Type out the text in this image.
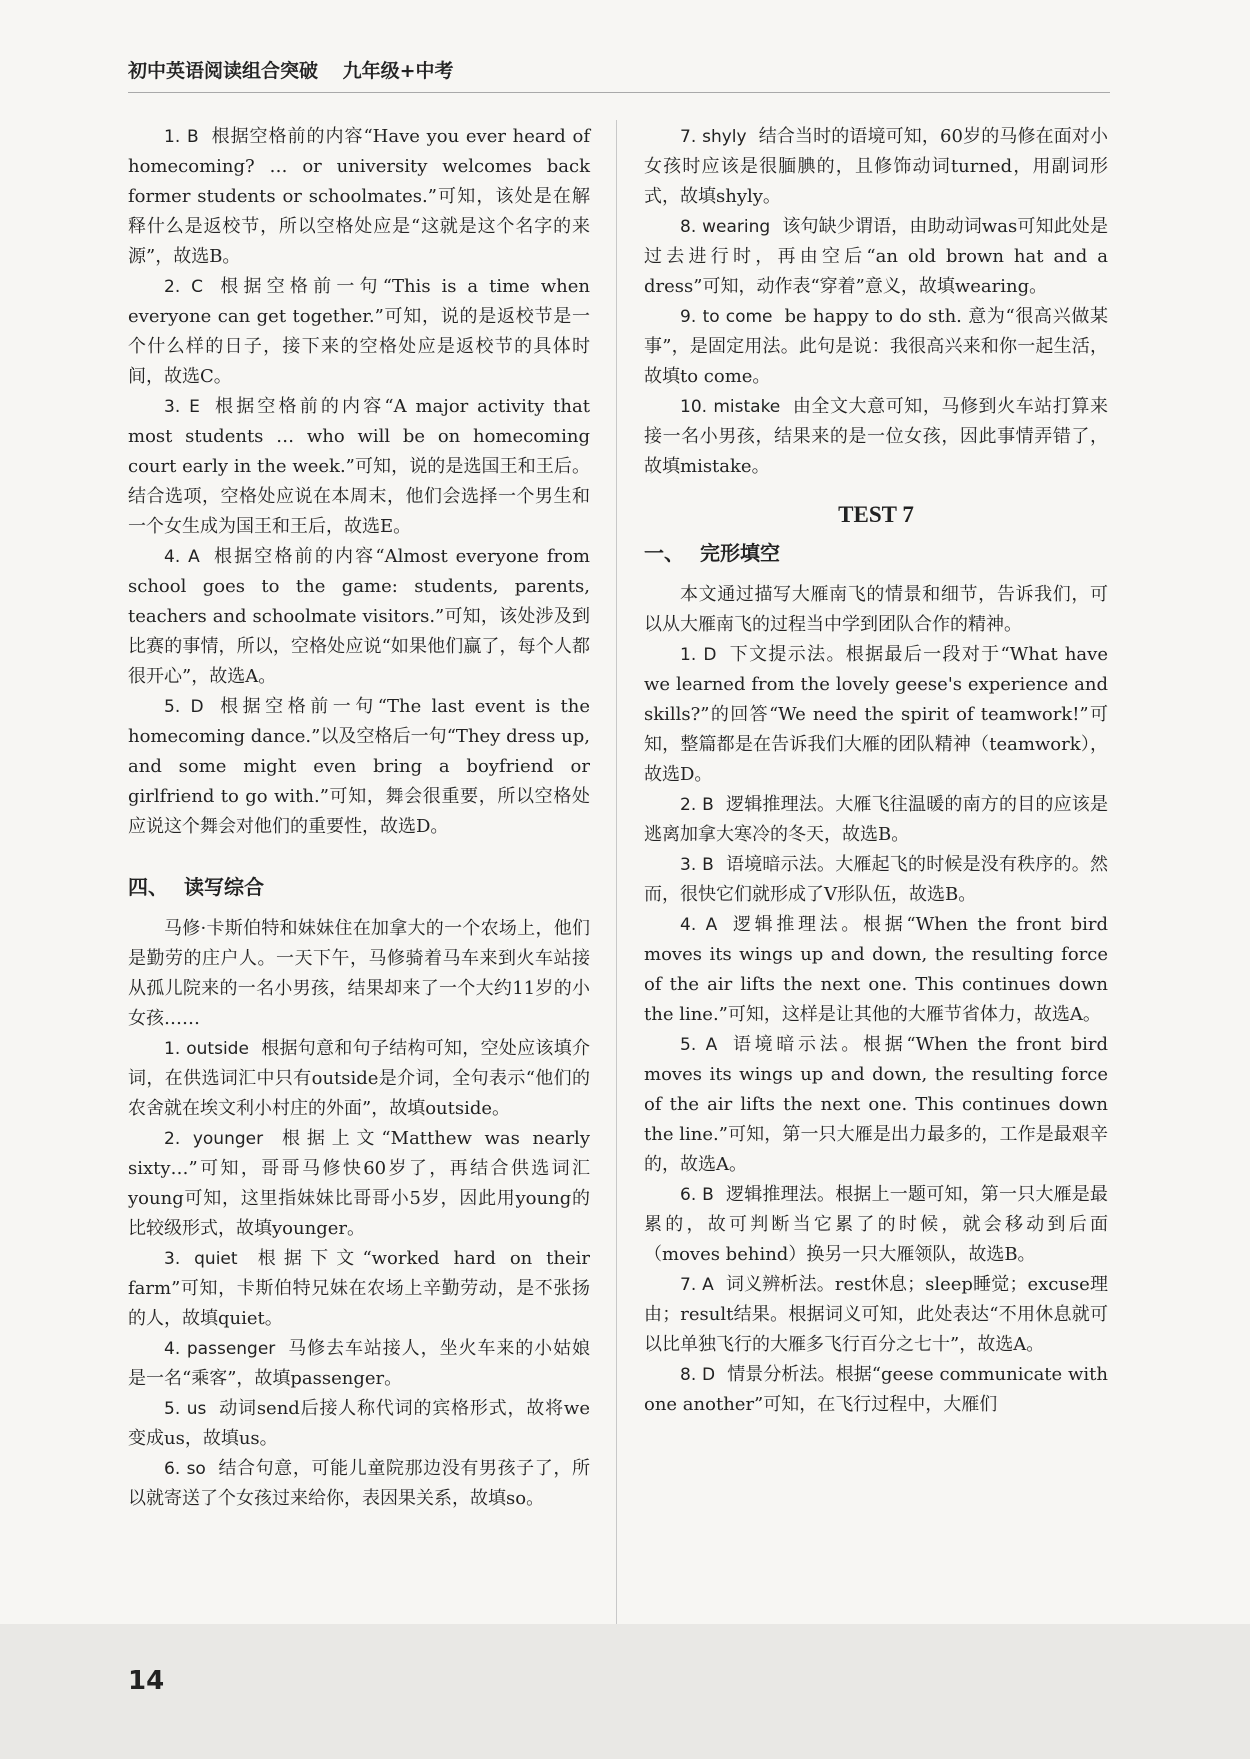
初中英语阅读组合突破 九年级+中考

1. B 根据空格前的内容“Have you ever heard of homecoming? … or university welcomes back former students or schoolmates.”可知，该处是在解释什么是返校节，所以空格处应是“这就是这个名字的来源”，故选B。

2. C 根据空格前一句“This is a time when everyone can get together.”可知，说的是返校节是一个什么样的日子，接下来的空格处应是返校节的具体时间，故选C。

3. E 根据空格前的内容“A major activity that most students … who will be on homecoming court early in the week.”可知，说的是选国王和王后。结合选项，空格处应说在本周末，他们会选择一个男生和一个女生成为国王和王后，故选E。

4. A 根据空格前的内容“Almost everyone from school goes to the game: students, parents, teachers and schoolmate visitors.”可知，该处涉及到比赛的事情，所以，空格处应说“如果他们赢了，每个人都很开心”，故选A。

5. D 根据空格前一句“The last event is the homecoming dance.”以及空格后一句“They dress up, and some might even bring a boyfriend or girlfriend to go with.”可知，舞会很重要，所以空格处应说这个舞会对他们的重要性，故选D。

四、 读写综合

马修·卡斯伯特和妹妹住在加拿大的一个农场上，他们是勤劳的庄户人。一天下午，马修骑着马车来到火车站接从孤儿院来的一名小男孩，结果却来了一个大约11岁的小女孩……

1. outside 根据句意和句子结构可知，空处应该填介词，在供选词汇中只有outside是介词，全句表示“他们的农舍就在埃文利小村庄的外面”，故填outside。

2. younger 根据上文“Matthew was nearly sixty…”可知，哥哥马修快60岁了，再结合供选词汇young可知，这里指妹妹比哥哥小5岁，因此用young的比较级形式，故填younger。

3. quiet 根据下文“worked hard on their farm”可知，卡斯伯特兄妹在农场上辛勤劳动，是不张扬的人，故填quiet。

4. passenger 马修去车站接人，坐火车来的小姑娘是一名“乘客”，故填passenger。

5. us 动词send后接人称代词的宾格形式，故将we变成us，故填us。

6. so 结合句意，可能儿童院那边没有男孩子了，所以就寄送了个女孩过来给你，表因果关系，故填so。

7. shyly 结合当时的语境可知，60岁的马修在面对小女孩时应该是很腼腆的，且修饰动词turned，用副词形式，故填shyly。

8. wearing 该句缺少谓语，由助动词was可知此处是过去进行时，再由空后“an old brown hat and a dress”可知，动作表“穿着”意义，故填wearing。

9. to come be happy to do sth. 意为“很高兴做某事”，是固定用法。此句是说：我很高兴来和你一起生活，故填to come。

10. mistake 由全文大意可知，马修到火车站打算来接一名小男孩，结果来的是一位女孩，因此事情弄错了，故填mistake。

TEST 7
一、 完形填空

本文通过描写大雁南飞的情景和细节，告诉我们，可以从大雁南飞的过程当中学到团队合作的精神。

1. D 下文提示法。根据最后一段对于“What have we learned from the lovely geese's experience and skills?”的回答“We need the spirit of teamwork!”可知，整篇都是在告诉我们大雁的团队精神（teamwork），故选D。

2. B 逻辑推理法。大雁飞往温暖的南方的目的应该是逃离加拿大寒冷的冬天，故选B。

3. B 语境暗示法。大雁起飞的时候是没有秩序的。然而，很快它们就形成了V形队伍，故选B。

4. A 逻辑推理法。根据“When the front bird moves its wings up and down, the resulting force of the air lifts the next one. This continues down the line.”可知，这样是让其他的大雁节省体力，故选A。

5. A 语境暗示法。根据“When the front bird moves its wings up and down, the resulting force of the air lifts the next one. This continues down the line.”可知，第一只大雁是出力最多的，工作是最艰辛的，故选A。

6. B 逻辑推理法。根据上一题可知，第一只大雁是最累的，故可判断当它累了的时候，就会移动到后面（moves behind）换另一只大雁领队，故选B。

7. A 词义辨析法。rest休息；sleep睡觉；excuse理由；result结果。根据词义可知，此处表达“不用休息就可以比单独飞行的大雁多飞行百分之七十”，故选A。

8. D 情景分析法。根据“geese communicate with one another”可知，在飞行过程中，大雁们

14
